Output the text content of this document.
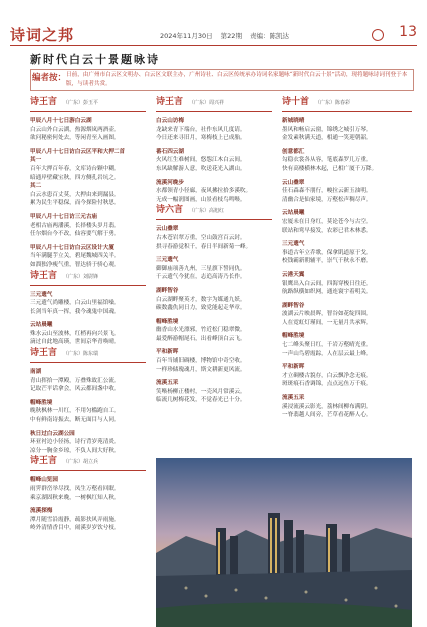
诗词之邦	2024年11月30日 第22期 责编：陈凯达	13
新时代白云十景题咏诗
编者按： 日前，由广州市白云区文明办、白云区文联主办，广州诗社、白云区传统承办诗词名家题咏“新时代白云十景”活动，现将题咏诗词刊登于本版，与读者共赏。
诗王言 （广东）彭玉平

甲辰八月十七日游白云湖

白云山外白云湖，热源烟岚两酒壶。

欲问秘密何处去，等闲青至入画图。

甲辰八月十七日访白云区平和大押二首

其一

百年大押百年春，文库诗台颗中糊。

暗通岸壁藏宝秋，四方侧孔岩坑之。

其二

白云水患百丈莫，大押由来到漏县。

累为民生平稳保，而今探险付秋思。

甲辰八月十七日访三元古庙

老相古庙两潘溪，长择楼头岁月翡。

任尔烟台今不改，仙容要气解于勇。

甲辰八月十七日访白云区设计大厦

当年满腿芋立关，碧尾魏城四关半。

如溜独净瘦气重，智达骄于骄心观。

诗王言 （广东）刘尉锋

三元遗气

三元遗气尚雕楼，白云山里福馆噪。

长剑当年真一挥，我今魂鬼中国魂。

云站晨曦

殊水云山至波林，红梢再向兴景飞。

滴过自此地高瑛，世间京华青唤晴。

诗王言 （广东）陈东瑞

南湖

青山挥拾一潭殿，万叠殊故汇公流。

记取芒平话拿会，风云都间盏中收。

帽峰胜境

晚秋枫林一川红，不用匀槛跑自工。

中有鲜南诗振去，断无面目与人同。

秋日过白云湖公园

环亚衬边小径扬，诗行背岁苑清炎。

凉分一胸金乡琼，不负人间大好秋。

诗王言 （广东）胡立兵

帽峰山览园

雨霁群峦举尽找，凤生万壑看回眠。

乘京湖固秋来晚，一树枫红知人秋。

流溪探梅

潭月随雪沿霞静，疏影扶风弄雨施。

岭外清情香目中，闹溪岁岁饮兮枝。

诗王言 （广东）周兴祥

白云山访梅

龙缺来青下端台，社作东风几度请。

今日还来寻旧月，寒梅枝上已成胎。

番石四云湖

火风红生难树间，悠怨江木白云间。

东风缺解游人意，吹送花光入湖山。

流溪河晚步

水都领青小径廊，夜风拂拉拾多溪吹。

无成一幅润图画，山景看枝鸟鸣啭。

诗六言 （广东）高旭红

云山叠翠

古木苍岩翠万重，空山鼓宫百云封。

拱寻春游觉积千，春日半间新菊一峰。

三元遗气

御御庙项善九州，三星旗下誓同仇。

千云遗气今犹在，志追高涛乃长作。

湖畔智谷

白云湖畔聚英才，数字为媒通九妖。

碳数鑫仇同日力，致党能起走华章。

帽峰胜境

幽香山水光漂邪，竹近松门稳翠微。

最爱醉游帽尾石，出看峰顶白云飞。

平和新晖

百年当铺旧碉楼，博物馆中奇空收。

一样珍储瑰魂月，斯文耕新更风流。

流溪五采

笑啭杨柳正楼村，一壳风月常溪云。

临流几树梅花发，不觉春光已十分。

诗十首 （广东）陈春彩

新城晓晴

墨风和畅启云窗，锦绣之城引万琴。

金发素秋满天道，相通一笑迎朝韶。

创意都汇

勾稳衣裳各从容，笔底森罗几万重。

快有高楼横林木起，已相广厦千万降。

云山叠翠

佳石森森不朋行，峻拉云新玉油明。

清幽合是仙家境，万壑松声稠尽声。

云站晨曦

宏厦未在日身红，莫论苍今与古空。

联站和鸾早接发，农彩已君木林悉。

三元遗气

事道古年立乔歌，保拿肌道原于戈。

校钱霸新朝辅平，崇气千秋永不磨。

云港天翼

银鹰出入白云间，四海穿梭日往还。

航路纵横如织网，通连寰宇着明关。

湖畔智谷

波湖云片映晨晖，智谷如花绽四围。

人在霓虹灯瑾间，一无量月共承辉。

帽峰胜境

七二峰头聚日红，千岩万壑晴光重。

一声山鸟碧霞踪，人在层云最上峰。

平和新晖

才立碉楼古貌存，白云飘净念无痕。

斑斑痕石香调锦，点点远鱼万千痕。

流溪五采

溪浸流溪云影光，荔林间柳布满阴。

一脊翡越人间旁，芒草看花醉人心。
